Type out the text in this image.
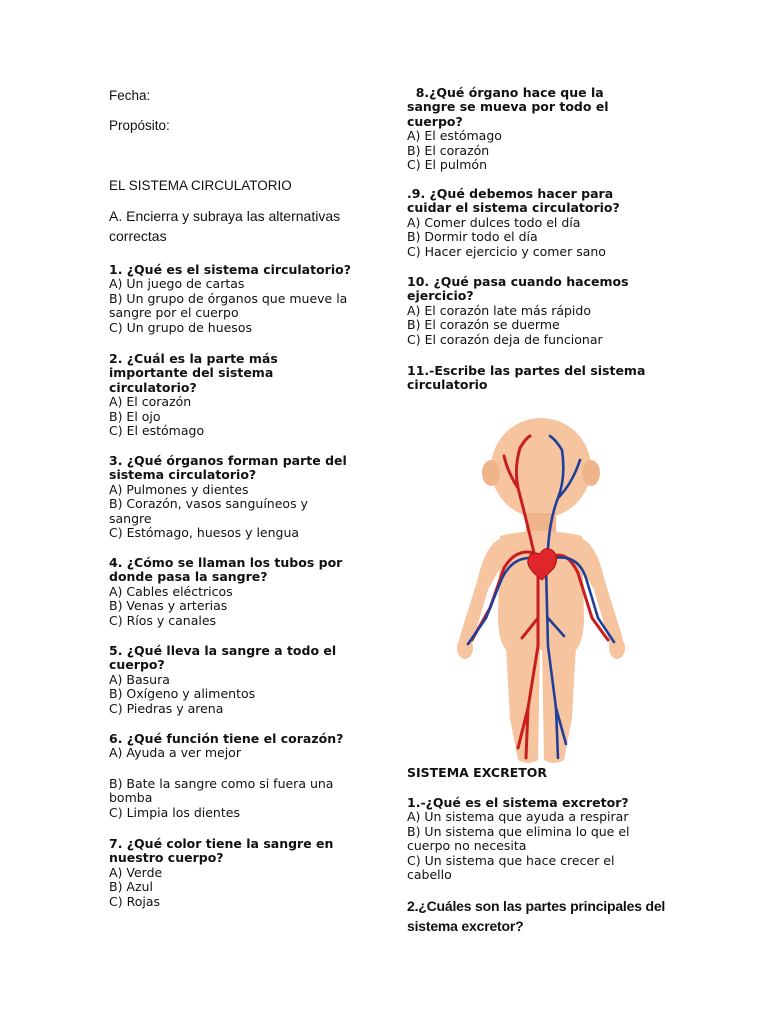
Fecha:
Propósito:
EL SISTEMA CIRCULATORIO
A. Encierra y subraya las alternativas
correctas
1. ¿Qué es el sistema circulatorio?
A) Un juego de cartas
B) Un grupo de órganos que mueve la
sangre por el cuerpo
C) Un grupo de huesos
2. ¿Cuál es la parte más
importante del sistema
circulatorio?
A) El corazón
B) El ojo
C) El estómago
3. ¿Qué órganos forman parte del
sistema circulatorio?
A) Pulmones y dientes
B) Corazón, vasos sanguíneos y
sangre
C) Estómago, huesos y lengua
4. ¿Cómo se llaman los tubos por
donde pasa la sangre?
A) Cables eléctricos
B) Venas y arterias
C) Ríos y canales
5. ¿Qué lleva la sangre a todo el
cuerpo?
A) Basura
B) Oxígeno y alimentos
C) Piedras y arena
6. ¿Qué función tiene el corazón?
A) Ayuda a ver mejor
B) Bate la sangre como si fuera una
bomba
C) Limpia los dientes
7. ¿Qué color tiene la sangre en
nuestro cuerpo?
A) Verde
B) Azul
C) Rojas
8.¿Qué órgano hace que la
sangre se mueva por todo el
cuerpo?
A) El estómago
B) El corazón
C) El pulmón
.9. ¿Qué debemos hacer para
cuidar el sistema circulatorio?
A) Comer dulces todo el día
B) Dormir todo el día
C) Hacer ejercicio y comer sano
10. ¿Qué pasa cuando hacemos
ejercicio?
A) El corazón late más rápido
B) El corazón se duerme
C) El corazón deja de funcionar
11.-Escribe las partes del sistema
circulatorio
SISTEMA EXCRETOR
1.-¿Qué es el sistema excretor?
A) Un sistema que ayuda a respirar
B) Un sistema que elimina lo que el
cuerpo no necesita
C) Un sistema que hace crecer el
cabello
2.¿Cuáles son las partes principales del
sistema excretor?
